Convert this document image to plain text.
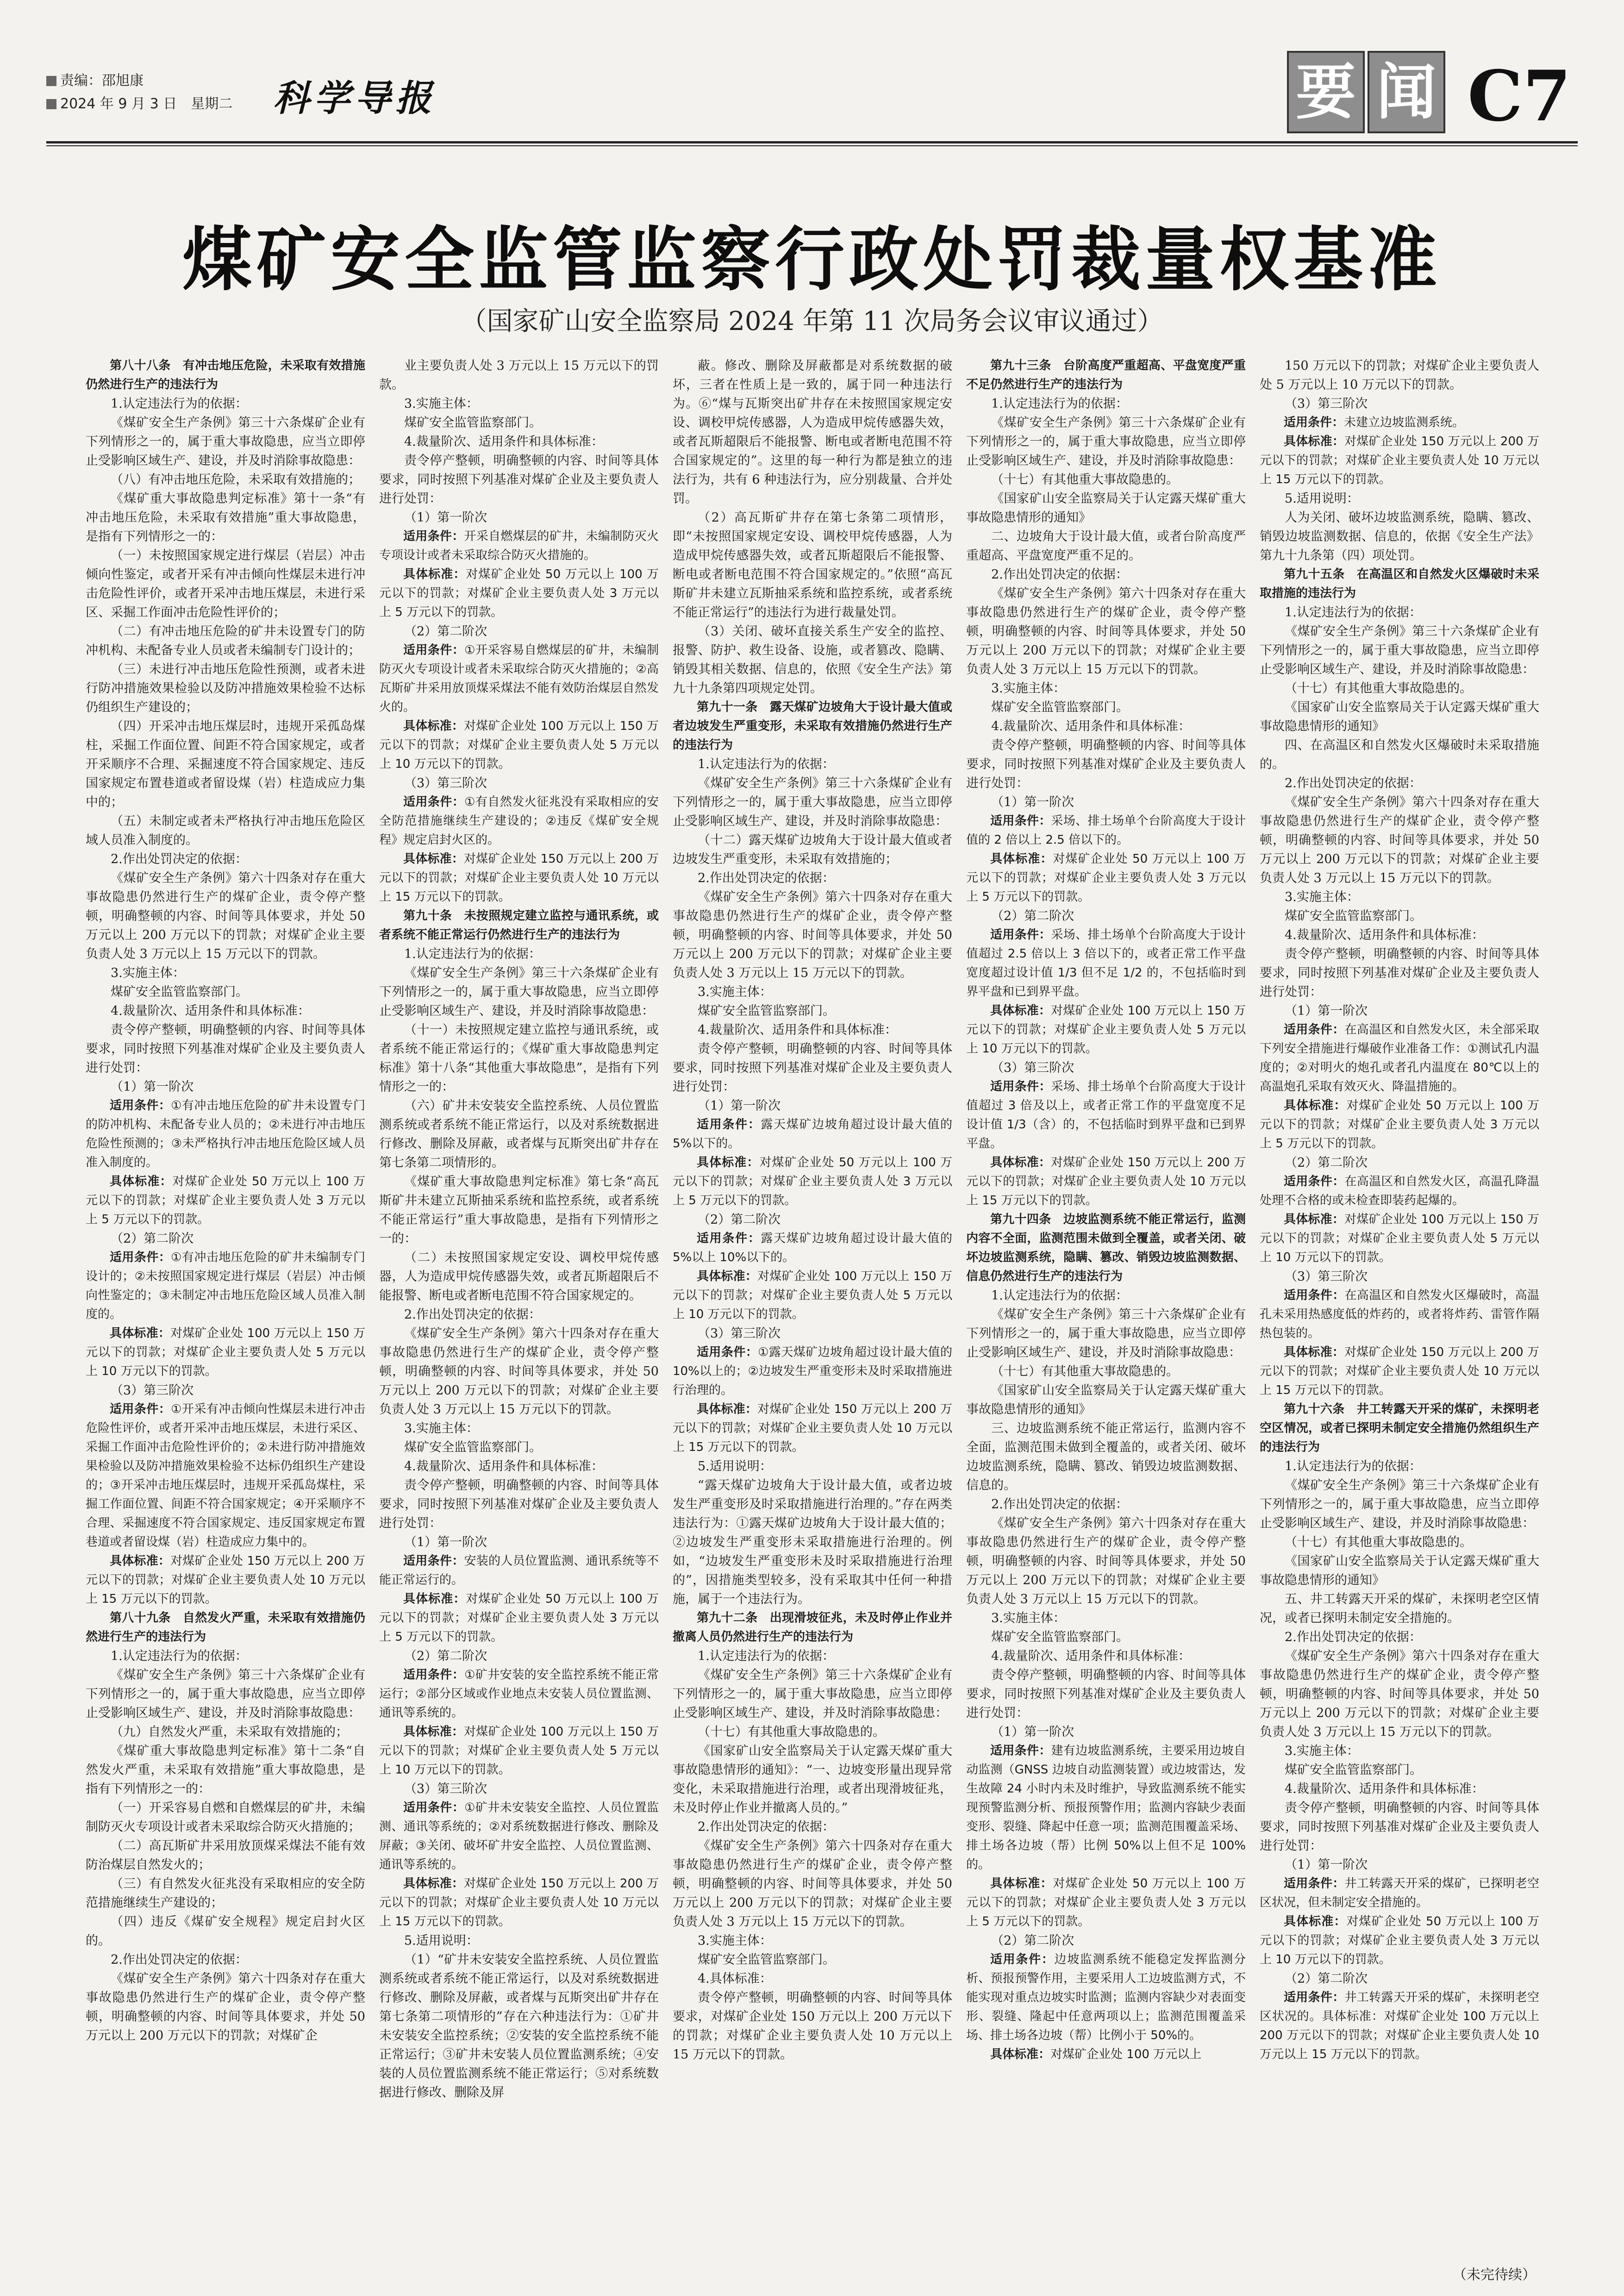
责编：邵旭康
2024 年 9 月 3 日　星期二 科学导报	要 闻 C7
煤矿安全监管监察行政处罚裁量权基准
（国家矿山安全监察局 2024 年第 11 次局务会议审议通过）

第八十八条　有冲击地压危险，未采取有效措施仍然进行生产的违法行为

1.认定违法行为的依据：

《煤矿安全生产条例》第三十六条煤矿企业有下列情形之一的，属于重大事故隐患，应当立即停止受影响区域生产、建设，并及时消除事故隐患：

（八）有冲击地压危险，未采取有效措施的；

《煤矿重大事故隐患判定标准》第十一条“有冲击地压危险，未采取有效措施”重大事故隐患，是指有下列情形之一的：

（一）未按照国家规定进行煤层（岩层）冲击倾向性鉴定，或者开采有冲击倾向性煤层未进行冲击危险性评价，或者开采冲击地压煤层，未进行采区、采掘工作面冲击危险性评价的；

（二）有冲击地压危险的矿井未设置专门的防冲机构、未配备专业人员或者未编制专门设计的；

（三）未进行冲击地压危险性预测，或者未进行防冲措施效果检验以及防冲措施效果检验不达标仍组织生产建设的；

（四）开采冲击地压煤层时，违规开采孤岛煤柱，采掘工作面位置、间距不符合国家规定，或者开采顺序不合理、采掘速度不符合国家规定、违反国家规定布置巷道或者留设煤（岩）柱造成应力集中的；

（五）未制定或者未严格执行冲击地压危险区域人员准入制度的。

2.作出处罚决定的依据：

《煤矿安全生产条例》第六十四条对存在重大事故隐患仍然进行生产的煤矿企业，责令停产整顿，明确整顿的内容、时间等具体要求，并处 50 万元以上 200 万元以下的罚款；对煤矿企业主要负责人处 3 万元以上 15 万元以下的罚款。

3.实施主体：

煤矿安全监管监察部门。

4.裁量阶次、适用条件和具体标准：

责令停产整顿，明确整顿的内容、时间等具体要求，同时按照下列基准对煤矿企业及主要负责人进行处罚：

（1）第一阶次

适用条件：①有冲击地压危险的矿井未设置专门的防冲机构、未配备专业人员的；②未进行冲击地压危险性预测的；③未严格执行冲击地压危险区域人员准入制度的。

具体标准：对煤矿企业处 50 万元以上 100 万元以下的罚款；对煤矿企业主要负责人处 3 万元以上 5 万元以下的罚款。

（2）第二阶次

适用条件：①有冲击地压危险的矿井未编制专门设计的；②未按照国家规定进行煤层（岩层）冲击倾向性鉴定的；③未制定冲击地压危险区域人员准入制度的。

具体标准：对煤矿企业处 100 万元以上 150 万元以下的罚款；对煤矿企业主要负责人处 5 万元以上 10 万元以下的罚款。

（3）第三阶次

适用条件：①开采有冲击倾向性煤层未进行冲击危险性评价，或者开采冲击地压煤层，未进行采区、采掘工作面冲击危险性评价的；②未进行防冲措施效果检验以及防冲措施效果检验不达标仍组织生产建设的；③开采冲击地压煤层时，违规开采孤岛煤柱，采掘工作面位置、间距不符合国家规定；④开采顺序不合理、采掘速度不符合国家规定、违反国家规定布置巷道或者留设煤（岩）柱造成应力集中的。

具体标准：对煤矿企业处 150 万元以上 200 万元以下的罚款；对煤矿企业主要负责人处 10 万元以上 15 万元以下的罚款。

第八十九条　自然发火严重，未采取有效措施仍然进行生产的违法行为

1.认定违法行为的依据：

《煤矿安全生产条例》第三十六条煤矿企业有下列情形之一的，属于重大事故隐患，应当立即停止受影响区域生产、建设，并及时消除事故隐患：

（九）自然发火严重，未采取有效措施的；

《煤矿重大事故隐患判定标准》第十二条“自然发火严重，未采取有效措施”重大事故隐患，是指有下列情形之一的：

（一）开采容易自燃和自燃煤层的矿井，未编制防灭火专项设计或者未采取综合防灭火措施的；

（二）高瓦斯矿井采用放顶煤采煤法不能有效防治煤层自然发火的；

（三）有自然发火征兆没有采取相应的安全防范措施继续生产建设的；

（四）违反《煤矿安全规程》规定启封火区的。

2.作出处罚决定的依据：

《煤矿安全生产条例》第六十四条对存在重大事故隐患仍然进行生产的煤矿企业，责令停产整顿，明确整顿的内容、时间等具体要求，并处 50 万元以上 200 万元以下的罚款；对煤矿企

业主要负责人处 3 万元以上 15 万元以下的罚款。

3.实施主体：

煤矿安全监管监察部门。

4.裁量阶次、适用条件和具体标准：

责令停产整顿，明确整顿的内容、时间等具体要求，同时按照下列基准对煤矿企业及主要负责人进行处罚：

（1）第一阶次

适用条件：开采自燃煤层的矿井，未编制防灭火专项设计或者未采取综合防灭火措施的。

具体标准：对煤矿企业处 50 万元以上 100 万元以下的罚款；对煤矿企业主要负责人处 3 万元以上 5 万元以下的罚款。

（2）第二阶次

适用条件：①开采容易自燃煤层的矿井，未编制防灭火专项设计或者未采取综合防灭火措施的；②高瓦斯矿井采用放顶煤采煤法不能有效防治煤层自然发火的。

具体标准：对煤矿企业处 100 万元以上 150 万元以下的罚款；对煤矿企业主要负责人处 5 万元以上 10 万元以下的罚款。

（3）第三阶次

适用条件：①有自然发火征兆没有采取相应的安全防范措施继续生产建设的；②违反《煤矿安全规程》规定启封火区的。

具体标准：对煤矿企业处 150 万元以上 200 万元以下的罚款；对煤矿企业主要负责人处 10 万元以上 15 万元以下的罚款。

第九十条　未按照规定建立监控与通讯系统，或者系统不能正常运行仍然进行生产的违法行为

1.认定违法行为的依据：

《煤矿安全生产条例》第三十六条煤矿企业有下列情形之一的，属于重大事故隐患，应当立即停止受影响区域生产、建设，并及时消除事故隐患：

（十一）未按照规定建立监控与通讯系统，或者系统不能正常运行的；《煤矿重大事故隐患判定标准》第十八条“其他重大事故隐患”，是指有下列情形之一的：

（六）矿井未安装安全监控系统、人员位置监测系统或者系统不能正常运行，以及对系统数据进行修改、删除及屏蔽，或者煤与瓦斯突出矿井存在第七条第二项情形的。

《煤矿重大事故隐患判定标准》第七条“高瓦斯矿井未建立瓦斯抽采系统和监控系统，或者系统不能正常运行”重大事故隐患，是指有下列情形之一的：

（二）未按照国家规定安设、调校甲烷传感器，人为造成甲烷传感器失效，或者瓦斯超限后不能报警、断电或者断电范围不符合国家规定的。

2.作出处罚决定的依据：

《煤矿安全生产条例》第六十四条对存在重大事故隐患仍然进行生产的煤矿企业，责令停产整顿，明确整顿的内容、时间等具体要求，并处 50 万元以上 200 万元以下的罚款；对煤矿企业主要负责人处 3 万元以上 15 万元以下的罚款。

3.实施主体：

煤矿安全监管监察部门。

4.裁量阶次、适用条件和具体标准：

责令停产整顿，明确整顿的内容、时间等具体要求，同时按照下列基准对煤矿企业及主要负责人进行处罚：

（1）第一阶次

适用条件：安装的人员位置监测、通讯系统等不能正常运行的。

具体标准：对煤矿企业处 50 万元以上 100 万元以下的罚款；对煤矿企业主要负责人处 3 万元以上 5 万元以下的罚款。

（2）第二阶次

适用条件：①矿井安装的安全监控系统不能正常运行；②部分区域或作业地点未安装人员位置监测、通讯等系统的。

具体标准：对煤矿企业处 100 万元以上 150 万元以下的罚款；对煤矿企业主要负责人处 5 万元以上 10 万元以下的罚款。

（3）第三阶次

适用条件：①矿井未安装安全监控、人员位置监测、通讯等系统的；②对系统数据进行修改、删除及屏蔽；③关闭、破坏矿井安全监控、人员位置监测、通讯等系统的。

具体标准：对煤矿企业处 150 万元以上 200 万元以下的罚款；对煤矿企业主要负责人处 10 万元以上 15 万元以下的罚款。

5.适用说明：

（1）“矿井未安装安全监控系统、人员位置监测系统或者系统不能正常运行，以及对系统数据进行修改、删除及屏蔽，或者煤与瓦斯突出矿井存在第七条第二项情形的”存在六种违法行为：①矿井未安装安全监控系统；②安装的安全监控系统不能正常运行；③矿井未安装人员位置监测系统；④安装的人员位置监测系统不能正常运行；⑤对系统数据进行修改、删除及屏

蔽。修改、删除及屏蔽都是对系统数据的破坏，三者在性质上是一致的，属于同一种违法行为。⑥“煤与瓦斯突出矿井存在未按照国家规定安设、调校甲烷传感器，人为造成甲烷传感器失效，或者瓦斯超限后不能报警、断电或者断电范围不符合国家规定的”。这里的每一种行为都是独立的违法行为，共有 6 种违法行为，应分别裁量、合并处罚。

（2）高瓦斯矿井存在第七条第二项情形，即“未按照国家规定安设、调校甲烷传感器，人为造成甲烷传感器失效，或者瓦斯超限后不能报警、断电或者断电范围不符合国家规定的。”依照“高瓦斯矿井未建立瓦斯抽采系统和监控系统，或者系统不能正常运行”的违法行为进行裁量处罚。

（3）关闭、破坏直接关系生产安全的监控、报警、防护、救生设备、设施，或者篡改、隐瞒、销毁其相关数据、信息的，依照《安全生产法》第九十九条第四项规定处罚。

第九十一条　露天煤矿边坡角大于设计最大值或者边坡发生严重变形，未采取有效措施仍然进行生产的违法行为

1.认定违法行为的依据：

《煤矿安全生产条例》第三十六条煤矿企业有下列情形之一的，属于重大事故隐患，应当立即停止受影响区域生产、建设，并及时消除事故隐患：

（十二）露天煤矿边坡角大于设计最大值或者边坡发生严重变形，未采取有效措施的；

2.作出处罚决定的依据：

《煤矿安全生产条例》第六十四条对存在重大事故隐患仍然进行生产的煤矿企业，责令停产整顿，明确整顿的内容、时间等具体要求，并处 50 万元以上 200 万元以下的罚款；对煤矿企业主要负责人处 3 万元以上 15 万元以下的罚款。

3.实施主体：

煤矿安全监管监察部门。

4.裁量阶次、适用条件和具体标准：

责令停产整顿，明确整顿的内容、时间等具体要求，同时按照下列基准对煤矿企业及主要负责人进行处罚：

（1）第一阶次

适用条件：露天煤矿边坡角超过设计最大值的 5%以下的。

具体标准：对煤矿企业处 50 万元以上 100 万元以下的罚款；对煤矿企业主要负责人处 3 万元以上 5 万元以下的罚款。

（2）第二阶次

适用条件：露天煤矿边坡角超过设计最大值的 5%以上 10%以下的。

具体标准：对煤矿企业处 100 万元以上 150 万元以下的罚款；对煤矿企业主要负责人处 5 万元以上 10 万元以下的罚款。

（3）第三阶次

适用条件：①露天煤矿边坡角超过设计最大值的 10%以上的；②边坡发生严重变形未及时采取措施进行治理的。

具体标准：对煤矿企业处 150 万元以上 200 万元以下的罚款；对煤矿企业主要负责人处 10 万元以上 15 万元以下的罚款。

5.适用说明：

“露天煤矿边坡角大于设计最大值，或者边坡发生严重变形及时采取措施进行治理的。”存在两类违法行为：①露天煤矿边坡角大于设计最大值的；②边坡发生严重变形未采取措施进行治理的。例如，“边坡发生严重变形未及时采取措施进行治理的”，因措施类型较多，没有采取其中任何一种措施，属于一个违法行为。

第九十二条　出现滑坡征兆，未及时停止作业并撤离人员仍然进行生产的违法行为

1.认定违法行为的依据：

《煤矿安全生产条例》第三十六条煤矿企业有下列情形之一的，属于重大事故隐患，应当立即停止受影响区域生产、建设，并及时消除事故隐患：

（十七）有其他重大事故隐患的。

《国家矿山安全监察局关于认定露天煤矿重大事故隐患情形的通知》：“一、边坡变形量出现异常变化，未采取措施进行治理，或者出现滑坡征兆，未及时停止作业并撤离人员的。”

2.作出处罚决定的依据：

《煤矿安全生产条例》第六十四条对存在重大事故隐患仍然进行生产的煤矿企业，责令停产整顿，明确整顿的内容、时间等具体要求，并处 50 万元以上 200 万元以下的罚款；对煤矿企业主要负责人处 3 万元以上 15 万元以下的罚款。

3.实施主体：

煤矿安全监管监察部门。

4.具体标准：

责令停产整顿，明确整顿的内容、时间等具体要求，对煤矿企业处 150 万元以上 200 万元以下的罚款；对煤矿企业主要负责人处 10 万元以上 15 万元以下的罚款。

第九十三条　台阶高度严重超高、平盘宽度严重不足仍然进行生产的违法行为

1.认定违法行为的依据：

《煤矿安全生产条例》第三十六条煤矿企业有下列情形之一的，属于重大事故隐患，应当立即停止受影响区域生产、建设，并及时消除事故隐患：

（十七）有其他重大事故隐患的。

《国家矿山安全监察局关于认定露天煤矿重大事故隐患情形的通知》

二、边坡角大于设计最大值，或者台阶高度严重超高、平盘宽度严重不足的。

2.作出处罚决定的依据：

《煤矿安全生产条例》第六十四条对存在重大事故隐患仍然进行生产的煤矿企业，责令停产整顿，明确整顿的内容、时间等具体要求，并处 50 万元以上 200 万元以下的罚款；对煤矿企业主要负责人处 3 万元以上 15 万元以下的罚款。

3.实施主体：

煤矿安全监管监察部门。

4.裁量阶次、适用条件和具体标准：

责令停产整顿，明确整顿的内容、时间等具体要求，同时按照下列基准对煤矿企业及主要负责人进行处罚：

（1）第一阶次

适用条件：采场、排土场单个台阶高度大于设计值的 2 倍以上 2.5 倍以下的。

具体标准：对煤矿企业处 50 万元以上 100 万元以下的罚款；对煤矿企业主要负责人处 3 万元以上 5 万元以下的罚款。

（2）第二阶次

适用条件：采场、排土场单个台阶高度大于设计值超过 2.5 倍以上 3 倍以下的，或者正常工作平盘宽度超过设计值 1/3 但不足 1/2 的，不包括临时到界平盘和已到界平盘。

具体标准：对煤矿企业处 100 万元以上 150 万元以下的罚款；对煤矿企业主要负责人处 5 万元以上 10 万元以下的罚款。

（3）第三阶次

适用条件：采场、排土场单个台阶高度大于设计值超过 3 倍及以上，或者正常工作的平盘宽度不足设计值 1/3（含）的，不包括临时到界平盘和已到界平盘。

具体标准：对煤矿企业处 150 万元以上 200 万元以下的罚款；对煤矿企业主要负责人处 10 万元以上 15 万元以下的罚款。

第九十四条　边坡监测系统不能正常运行，监测内容不全面，监测范围未做到全覆盖，或者关闭、破坏边坡监测系统，隐瞒、篡改、销毁边坡监测数据、信息仍然进行生产的违法行为

1.认定违法行为的依据：

《煤矿安全生产条例》第三十六条煤矿企业有下列情形之一的，属于重大事故隐患，应当立即停止受影响区域生产、建设，并及时消除事故隐患：

（十七）有其他重大事故隐患的。

《国家矿山安全监察局关于认定露天煤矿重大事故隐患情形的通知》

三、边坡监测系统不能正常运行，监测内容不全面，监测范围未做到全覆盖的，或者关闭、破坏边坡监测系统，隐瞒、篡改、销毁边坡监测数据、信息的。

2.作出处罚决定的依据：

《煤矿安全生产条例》第六十四条对存在重大事故隐患仍然进行生产的煤矿企业，责令停产整顿，明确整顿的内容、时间等具体要求，并处 50 万元以上 200 万元以下的罚款；对煤矿企业主要负责人处 3 万元以上 15 万元以下的罚款。

3.实施主体：

煤矿安全监管监察部门。

4.裁量阶次、适用条件和具体标准：

责令停产整顿，明确整顿的内容、时间等具体要求，同时按照下列基准对煤矿企业及主要负责人进行处罚：

（1）第一阶次

适用条件：建有边坡监测系统，主要采用边坡自动监测（GNSS 边坡自动监测装置）或边坡雷达，发生故障 24 小时内未及时维护，导致监测系统不能实现预警监测分析、预报预警作用；监测内容缺少表面变形、裂缝、降起中任意一项；监测范围覆盖采场、排土场各边坡（帮）比例 50%以上但不足 100%的。

具体标准：对煤矿企业处 50 万元以上 100 万元以下的罚款；对煤矿企业主要负责人处 3 万元以上 5 万元以下的罚款。

（2）第二阶次

适用条件：边坡监测系统不能稳定发挥监测分析、预报预警作用，主要采用人工边坡监测方式，不能实现对重点边坡实时监测；监测内容缺少对表面变形、裂缝、隆起中任意两项以上；监测范围覆盖采场、排土场各边坡（帮）比例小于 50%的。

具体标准：对煤矿企业处 100 万元以上

150 万元以下的罚款；对煤矿企业主要负责人处 5 万元以上 10 万元以下的罚款。

（3）第三阶次

适用条件：未建立边坡监测系统。

具体标准：对煤矿企业处 150 万元以上 200 万元以下的罚款；对煤矿企业主要负责人处 10 万元以上 15 万元以下的罚款。

5.适用说明：

人为关闭、破坏边坡监测系统，隐瞒、篡改、销毁边坡监测数据、信息的，依据《安全生产法》第九十九条第（四）项处罚。

第九十五条　在高温区和自然发火区爆破时未采取措施的违法行为

1.认定违法行为的依据：

《煤矿安全生产条例》第三十六条煤矿企业有下列情形之一的，属于重大事故隐患，应当立即停止受影响区域生产、建设，并及时消除事故隐患：

（十七）有其他重大事故隐患的。

《国家矿山安全监察局关于认定露天煤矿重大事故隐患情形的通知》

四、在高温区和自然发火区爆破时未采取措施的。

2.作出处罚决定的依据：

《煤矿安全生产条例》第六十四条对存在重大事故隐患仍然进行生产的煤矿企业，责令停产整顿，明确整顿的内容、时间等具体要求，并处 50 万元以上 200 万元以下的罚款；对煤矿企业主要负责人处 3 万元以上 15 万元以下的罚款。

3.实施主体：

煤矿安全监管监察部门。

4.裁量阶次、适用条件和具体标准：

责令停产整顿，明确整顿的内容、时间等具体要求，同时按照下列基准对煤矿企业及主要负责人进行处罚：

（1）第一阶次

适用条件：在高温区和自然发火区，未全部采取下列安全措施进行爆破作业准备工作：①测试孔内温度的；②对明火的炮孔或者孔内温度在 80℃以上的高温炮孔采取有效灭火、降温措施的。

具体标准：对煤矿企业处 50 万元以上 100 万元以下的罚款；对煤矿企业主要负责人处 3 万元以上 5 万元以下的罚款。

（2）第二阶次

适用条件：在高温区和自然发火区，高温孔降温处理不合格的或未检查即装药起爆的。

具体标准：对煤矿企业处 100 万元以上 150 万元以下的罚款；对煤矿企业主要负责人处 5 万元以上 10 万元以下的罚款。

（3）第三阶次

适用条件：在高温区和自然发火区爆破时，高温孔未采用热感度低的炸药的，或者将炸药、雷管作隔热包装的。

具体标准：对煤矿企业处 150 万元以上 200 万元以下的罚款；对煤矿企业主要负责人处 10 万元以上 15 万元以下的罚款。

第九十六条　井工转露天开采的煤矿，未探明老空区情况，或者已探明未制定安全措施仍然组织生产的违法行为

1.认定违法行为的依据：

《煤矿安全生产条例》第三十六条煤矿企业有下列情形之一的，属于重大事故隐患，应当立即停止受影响区域生产、建设，并及时消除事故隐患：

（十七）有其他重大事故隐患的。

《国家矿山安全监察局关于认定露天煤矿重大事故隐患情形的通知》

五、井工转露天开采的煤矿，未探明老空区情况，或者已探明未制定安全措施的。

2.作出处罚决定的依据：

《煤矿安全生产条例》第六十四条对存在重大事故隐患仍然进行生产的煤矿企业，责令停产整顿，明确整顿的内容、时间等具体要求，并处 50 万元以上 200 万元以下的罚款；对煤矿企业主要负责人处 3 万元以上 15 万元以下的罚款。

3.实施主体：

煤矿安全监管监察部门。

4.裁量阶次、适用条件和具体标准：

责令停产整顿，明确整顿的内容、时间等具体要求，同时按照下列基准对煤矿企业及主要负责人进行处罚：

（1）第一阶次

适用条件：井工转露天开采的煤矿，已探明老空区状况，但未制定安全措施的。

具体标准：对煤矿企业处 50 万元以上 100 万元以下的罚款；对煤矿企业主要负责人处 3 万元以上 10 万元以下的罚款。

（2）第二阶次

适用条件：井工转露天开采的煤矿，未探明老空区状况的。具体标准：对煤矿企业处 100 万元以上 200 万元以下的罚款；对煤矿企业主要负责人处 10 万元以上 15 万元以下的罚款。

（未完待续）
